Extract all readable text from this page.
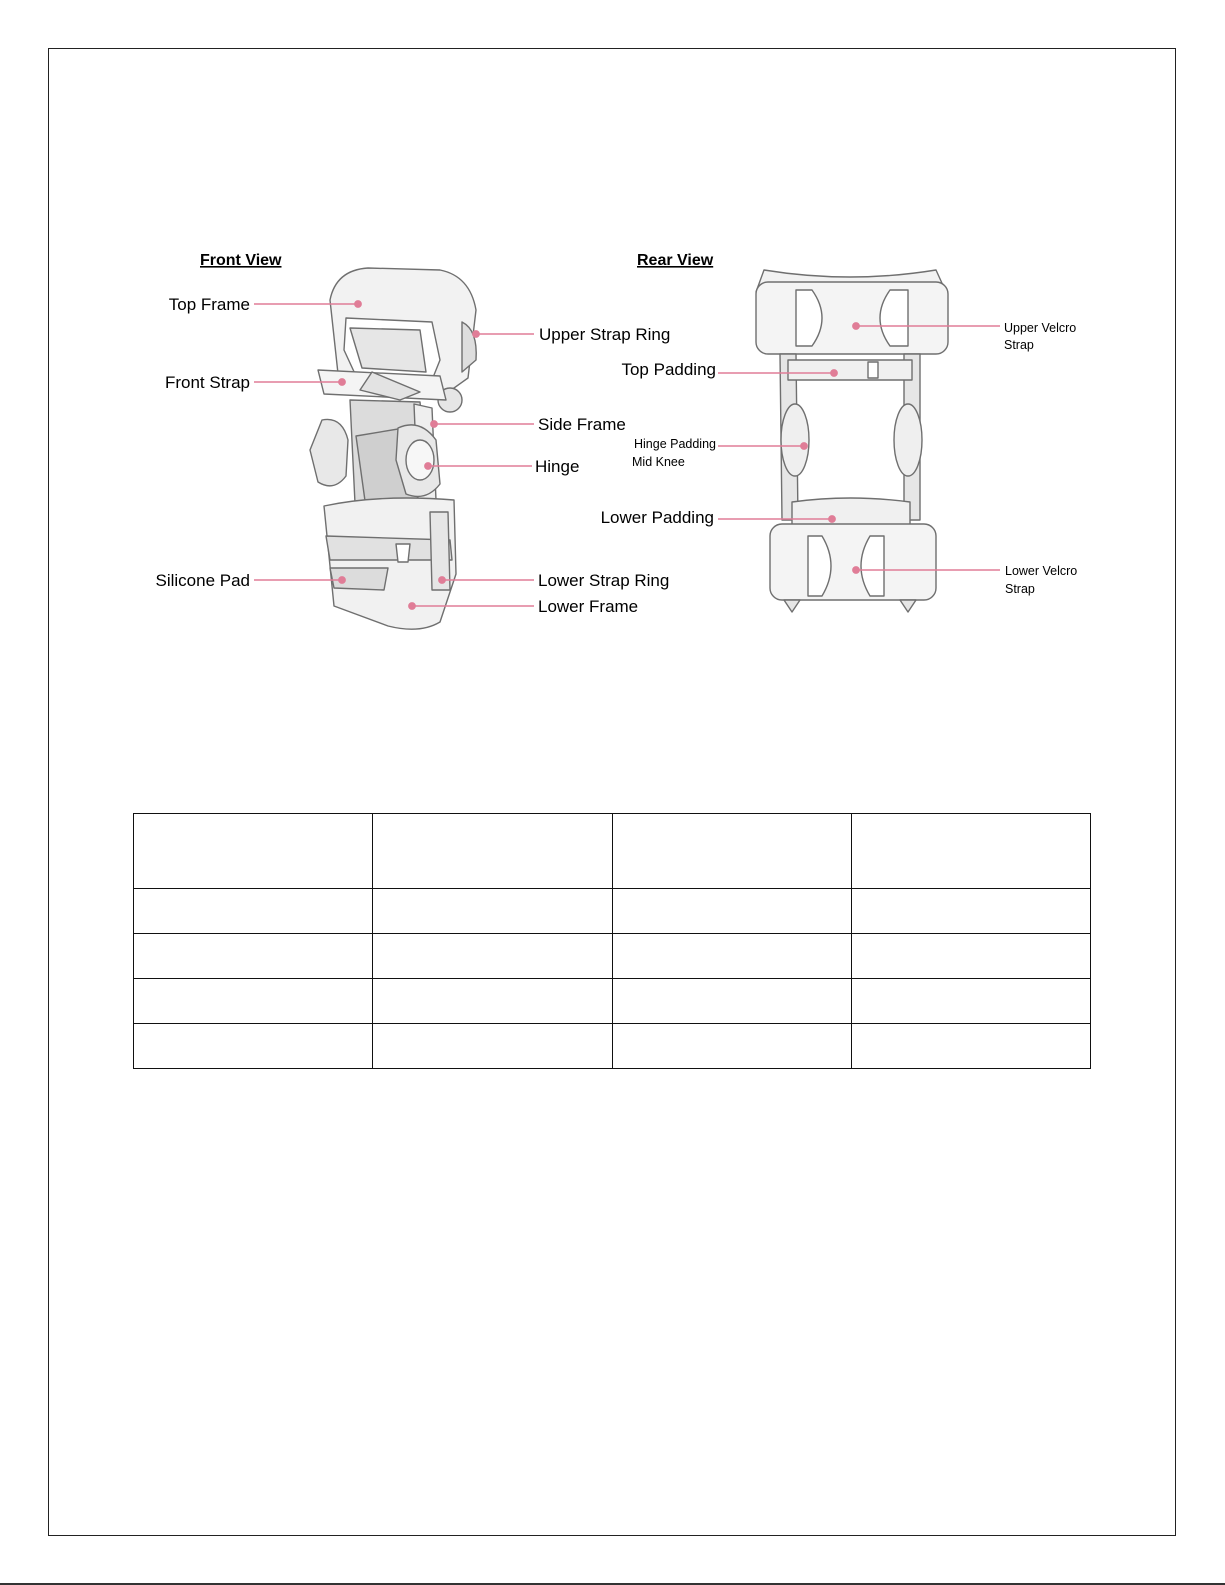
Front View	Rear View
Top Frame
Front Strap
Silicone Pad
Upper Strap Ring
Side Frame
Hinge
Lower Strap Ring
Lower Frame
Top Padding
Hinge Padding
Mid Knee
Lower Padding
Upper Velcro
Strap
Lower Velcro
Strap
